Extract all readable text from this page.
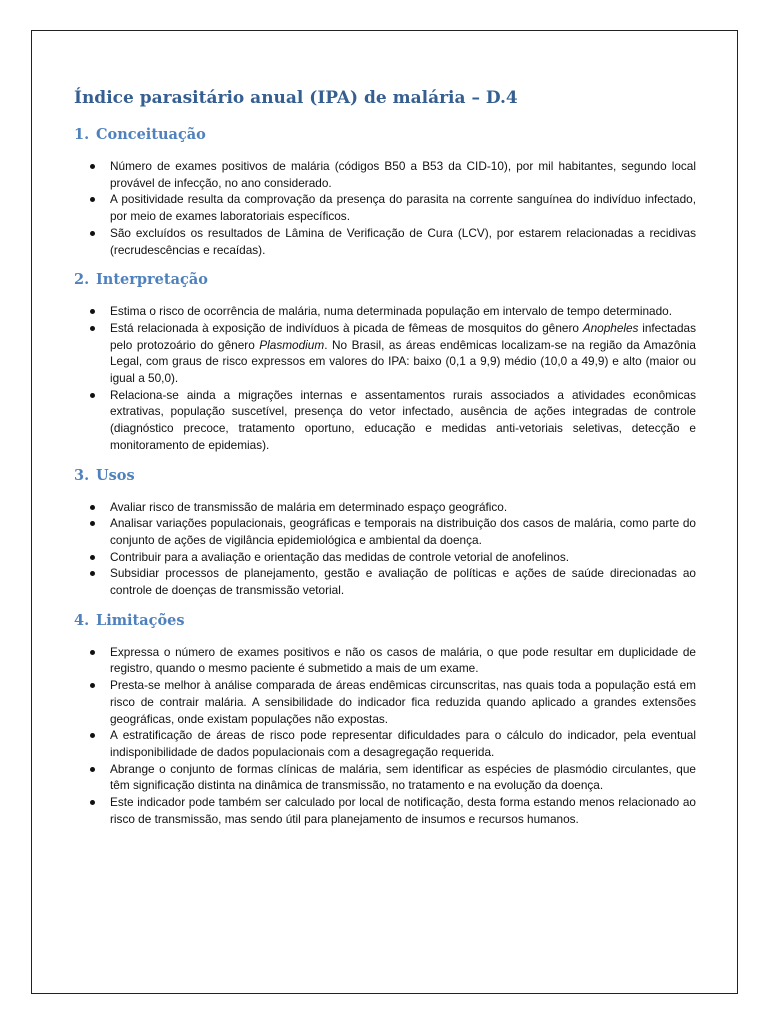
Índice parasitário anual (IPA) de malária – D.4
1. Conceituação
Número de exames positivos de malária (códigos B50 a B53 da CID-10), por mil habitantes, segundo local provável de infecção, no ano considerado.
A positividade resulta da comprovação da presença do parasita na corrente sanguínea do indivíduo infectado, por meio de exames laboratoriais específicos.
São excluídos os resultados de Lâmina de Verificação de Cura (LCV), por estarem relacionadas a recidivas (recrudescências e recaídas).
2. Interpretação
Estima o risco de ocorrência de malária, numa determinada população em intervalo de tempo determinado.
Está relacionada à exposição de indivíduos à picada de fêmeas de mosquitos do gênero Anopheles infectadas pelo protozoário do gênero Plasmodium. No Brasil, as áreas endêmicas localizam-se na região da Amazônia Legal, com graus de risco expressos em valores do IPA: baixo (0,1 a 9,9) médio (10,0 a 49,9) e alto (maior ou igual a 50,0).
Relaciona-se ainda a migrações internas e assentamentos rurais associados a atividades econômicas extrativas, população suscetível, presença do vetor infectado, ausência de ações integradas de controle (diagnóstico precoce, tratamento oportuno, educação e medidas anti-vetoriais seletivas, detecção e monitoramento de epidemias).
3. Usos
Avaliar risco de transmissão de malária em determinado espaço geográfico.
Analisar variações populacionais, geográficas e temporais na distribuição dos casos de malária, como parte do conjunto de ações de vigilância epidemiológica e ambiental da doença.
Contribuir para a avaliação e orientação das medidas de controle vetorial de anofelinos.
Subsidiar processos de planejamento, gestão e avaliação de políticas e ações de saúde direcionadas ao controle de doenças de transmissão vetorial.
4. Limitações
Expressa o número de exames positivos e não os casos de malária, o que pode resultar em duplicidade de registro, quando o mesmo paciente é submetido a mais de um exame.
Presta-se melhor à análise comparada de áreas endêmicas circunscritas, nas quais toda a população está em risco de contrair malária. A sensibilidade do indicador fica reduzida quando aplicado a grandes extensões geográficas, onde existam populações não expostas.
A estratificação de áreas de risco pode representar dificuldades para o cálculo do indicador, pela eventual indisponibilidade de dados populacionais com a desagregação requerida.
Abrange o conjunto de formas clínicas de malária, sem identificar as espécies de plasmódio circulantes, que têm significação distinta na dinâmica de transmissão, no tratamento e na evolução da doença.
Este indicador pode também ser calculado por local de notificação, desta forma estando menos relacionado ao risco de transmissão, mas sendo útil para planejamento de insumos e recursos humanos.
